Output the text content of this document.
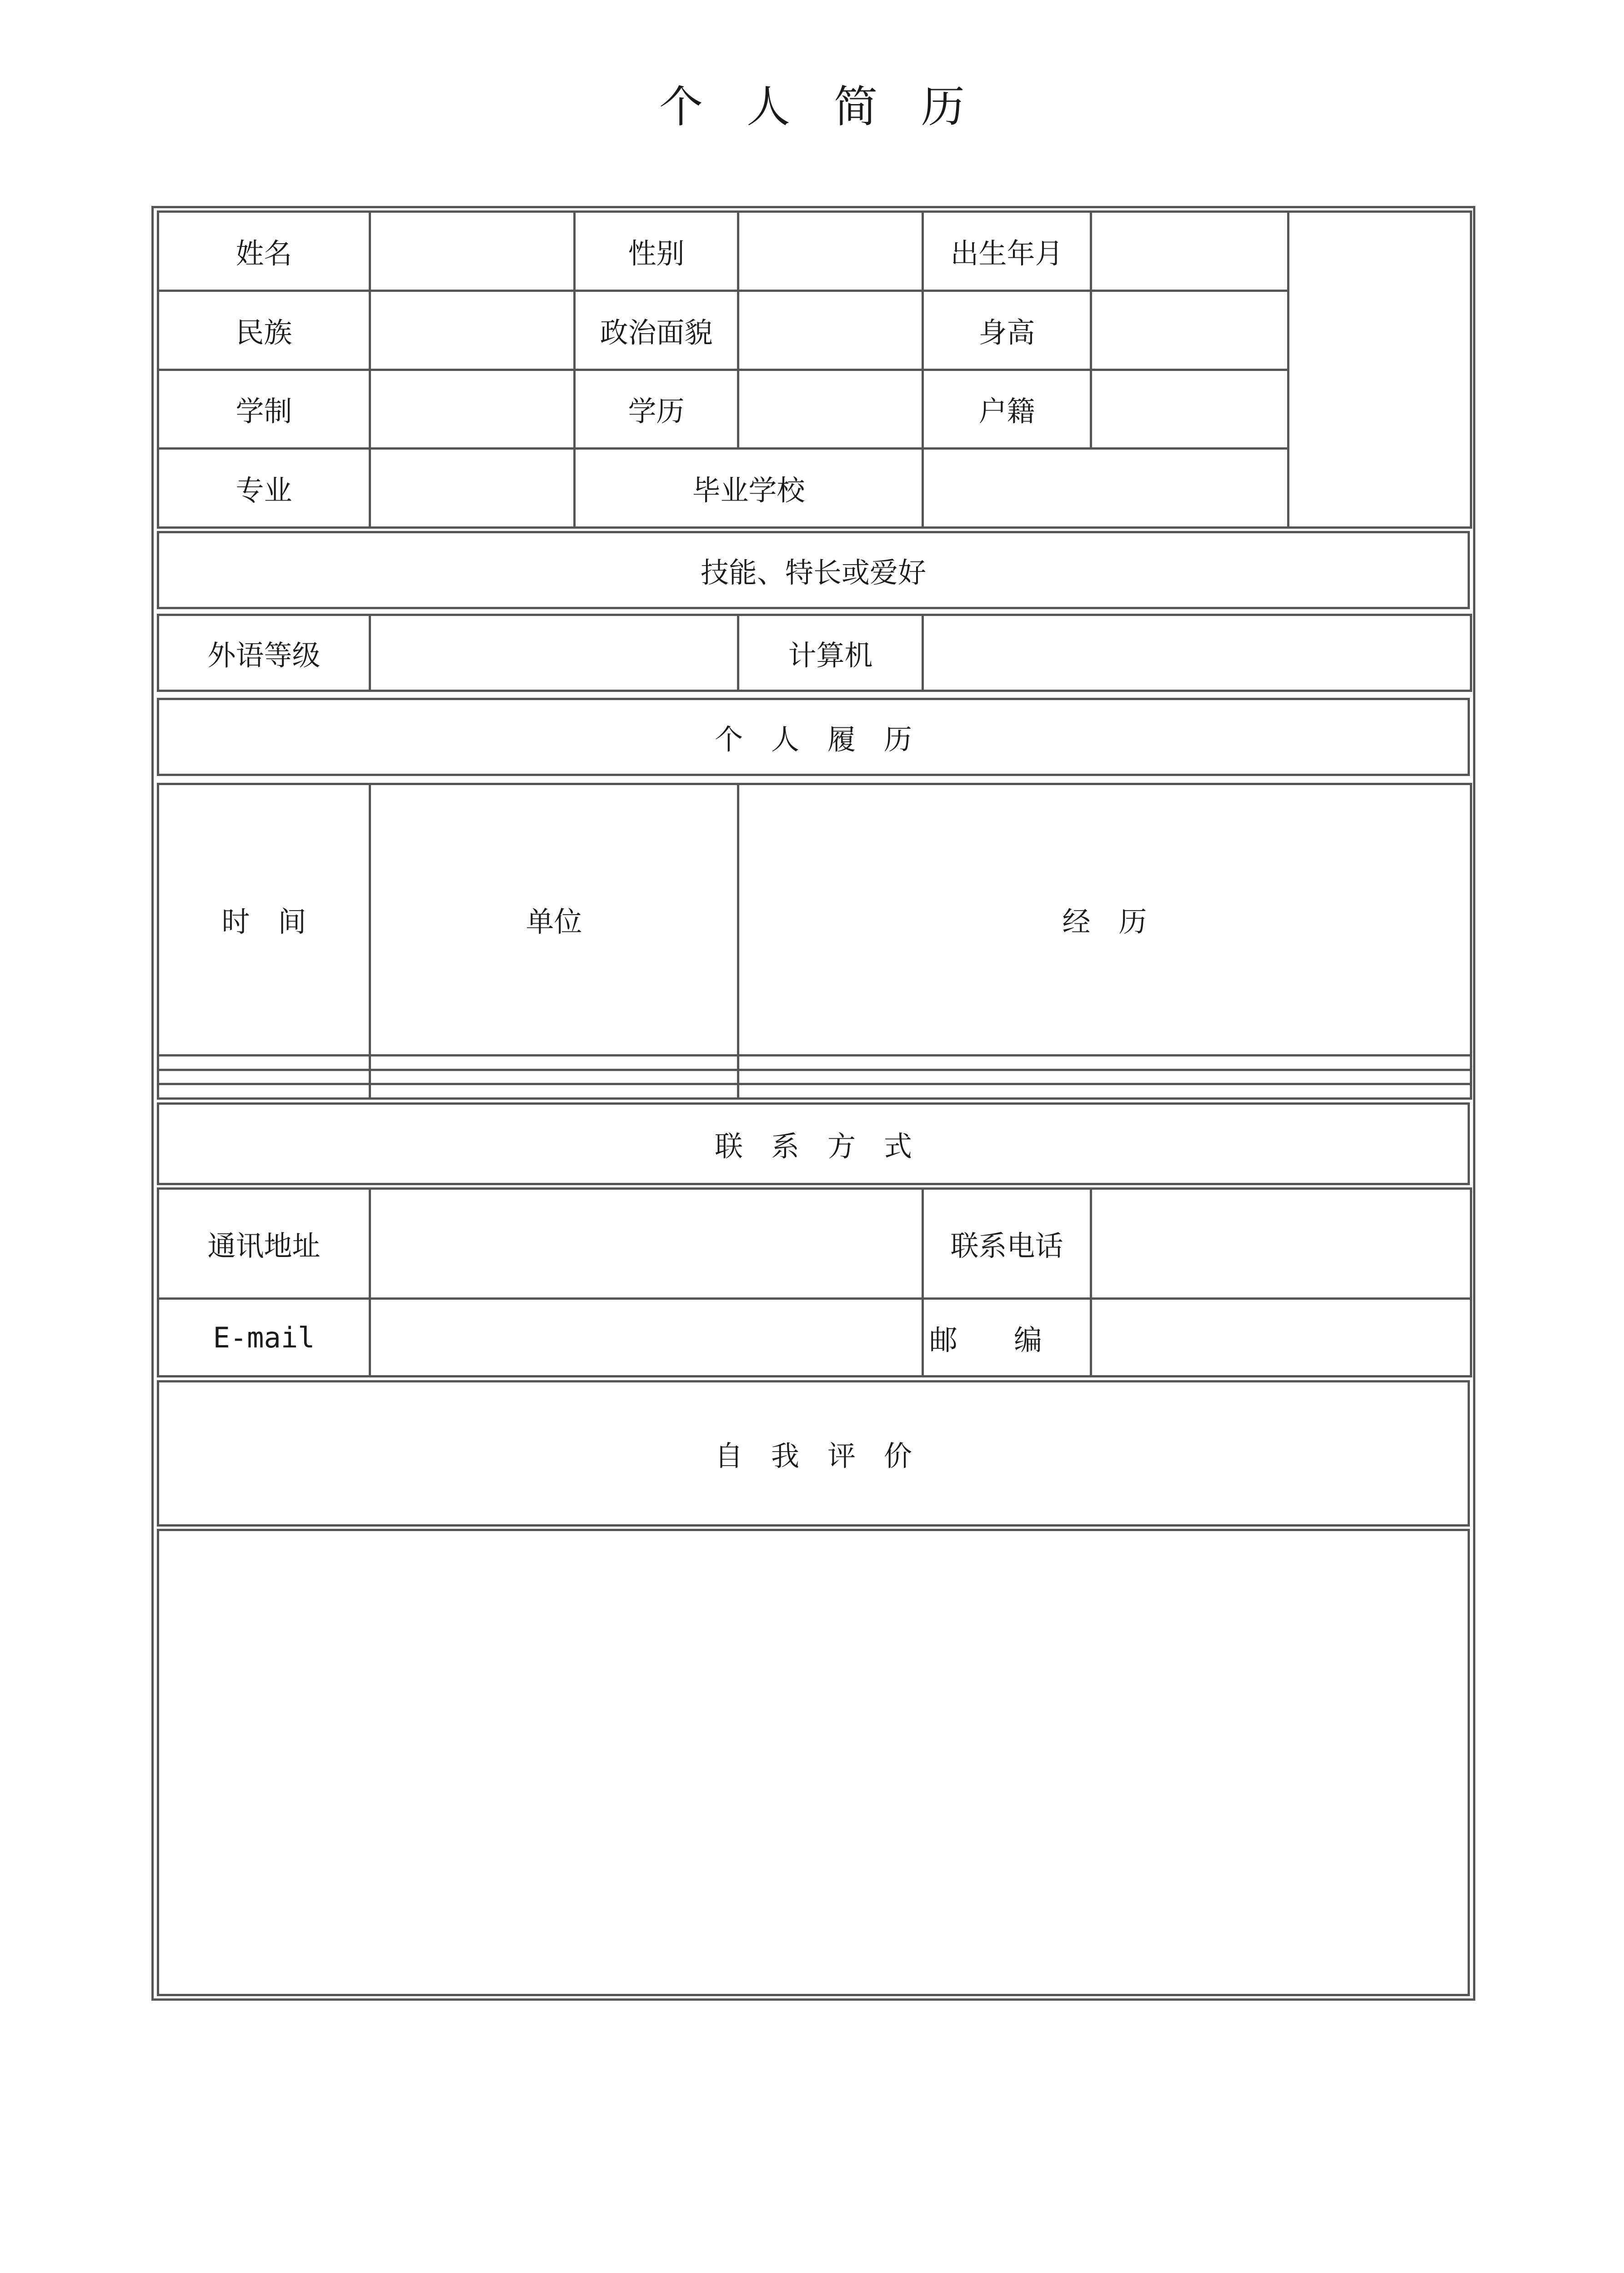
个　人　简　历
姓名		性别		出生年月		
民族		政治面貌		身高		
学制		学历		户籍		
专业		毕业学校				
技能、特长或爱好
外语等级		计算机	
个　人　履　历
时　间	单位	经　历

联　系　方　式
通讯地址		联系电话	
E-mail		邮　　编	
自　我　评　价
